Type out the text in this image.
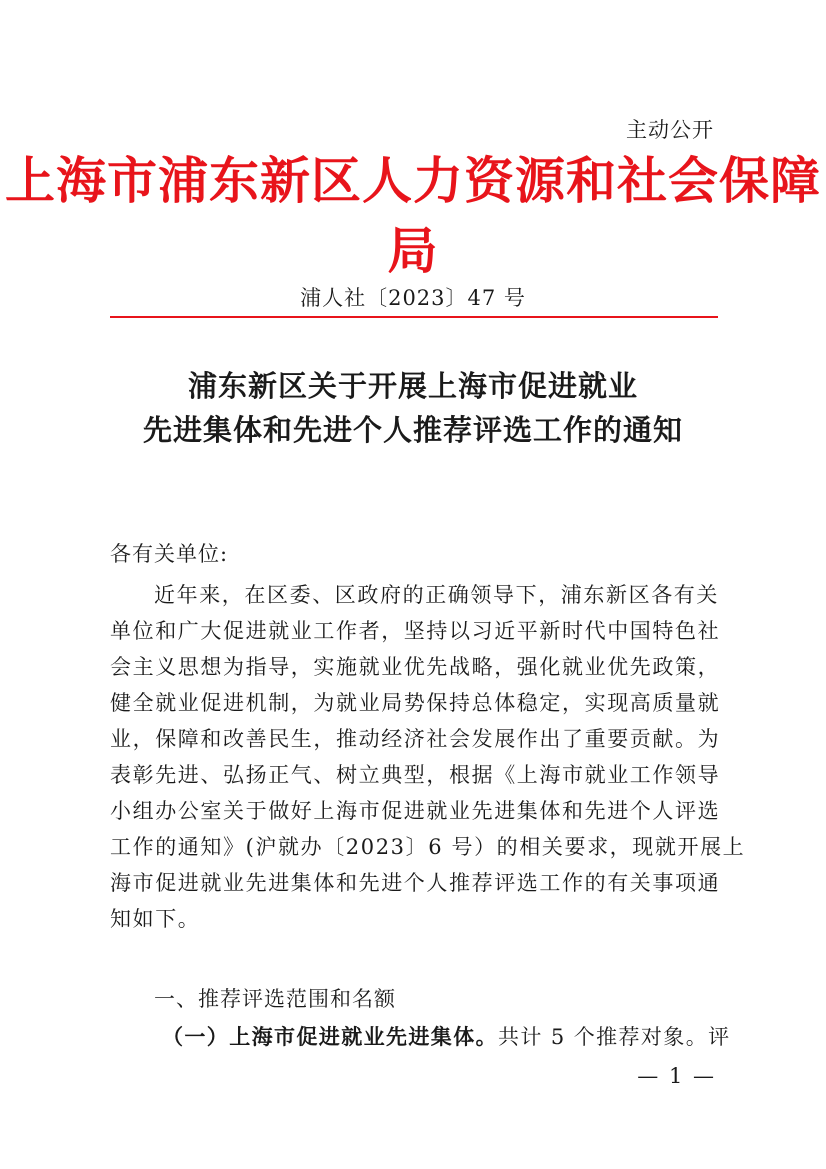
主动公开
上海市浦东新区人力资源和社会保障局
浦人社〔2023〕47 号
浦东新区关于开展上海市促进就业
先进集体和先进个人推荐评选工作的通知
各有关单位:
近年来，在区委、区政府的正确领导下，浦东新区各有关
单位和广大促进就业工作者，坚持以习近平新时代中国特色社
会主义思想为指导，实施就业优先战略，强化就业优先政策，
健全就业促进机制，为就业局势保持总体稳定，实现高质量就
业，保障和改善民生，推动经济社会发展作出了重要贡献。为
表彰先进、弘扬正气、树立典型，根据《上海市就业工作领导
小组办公室关于做好上海市促进就业先进集体和先进个人评选
工作的通知》(沪就办〔2023〕6 号）的相关要求，现就开展上
海市促进就业先进集体和先进个人推荐评选工作的有关事项通
知如下。
一、推荐评选范围和名额
（一）上海市促进就业先进集体。共计 5 个推荐对象。评
— 1 —
